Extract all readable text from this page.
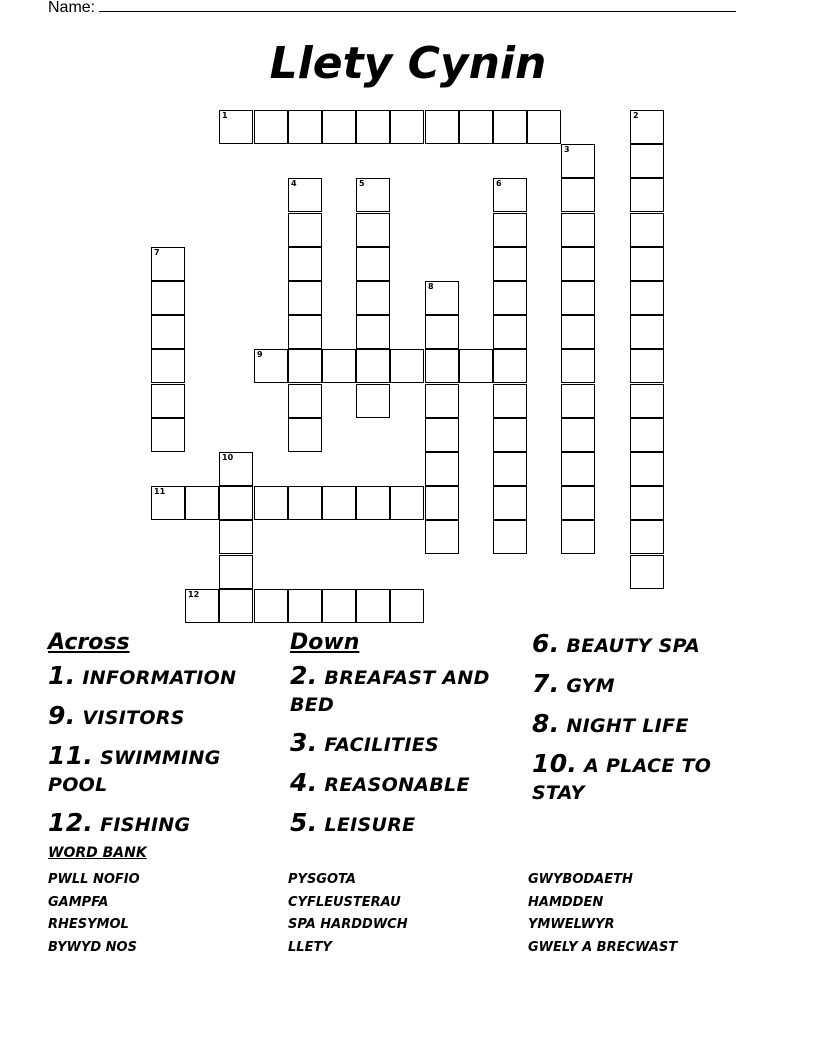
Name:
Llety Cynin
1	2
3
4	5	6
7
8
9
10
11
12
Across
1. INFORMATION
9. VISITORS
11. SWIMMING POOL
12. FISHING
Down
2. BREAFAST AND BED
3. FACILITIES
4. REASONABLE
5. LEISURE
6. BEAUTY SPA
7. GYM
8. NIGHT LIFE
10. A PLACE TO STAY
WORD BANK
PWLL NOFIO
GAMPFA
RHESYMOL
BYWYD NOS
PYSGOTA
CYFLEUSTERAU
SPA HARDDWCH
LLETY
GWYBODAETH
HAMDDEN
YMWELWYR
GWELY A BRECWAST
